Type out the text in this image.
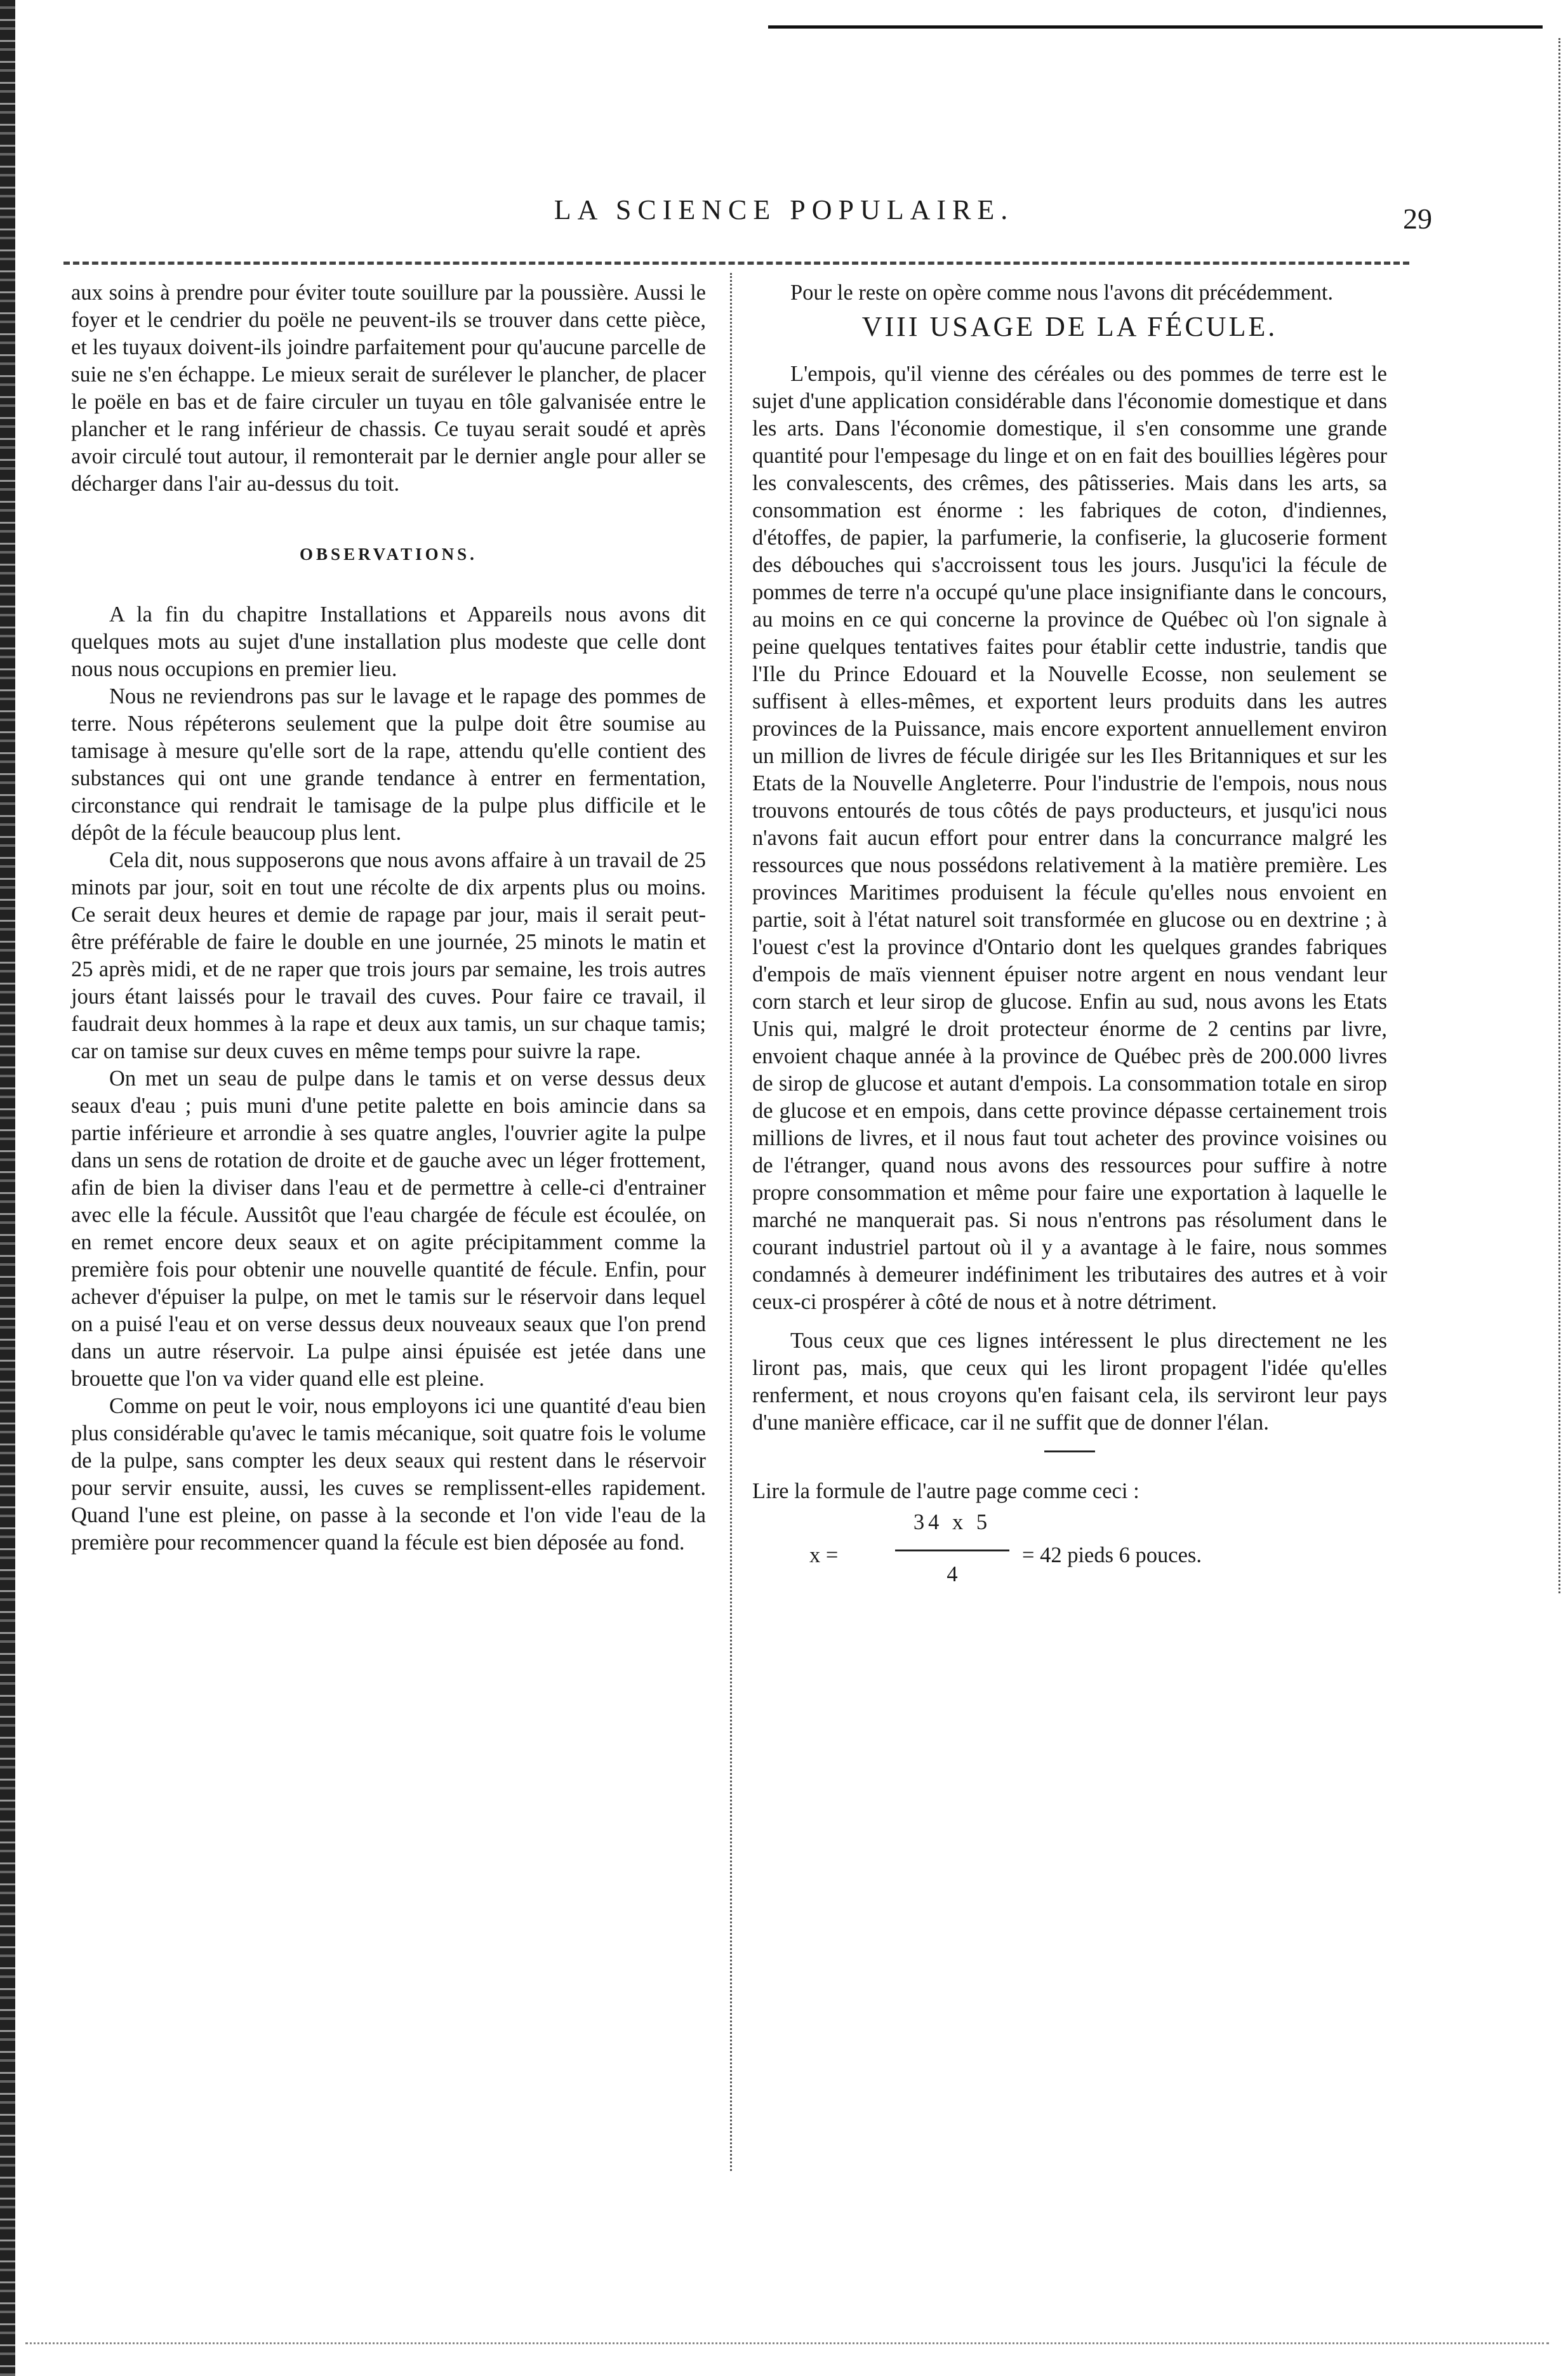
LA SCIENCE POPULAIRE.	29

aux soins à prendre pour éviter toute souillure par la poussière. Aussi le foyer et le cendrier du poële ne peuvent-ils se trouver dans cette pièce, et les tuyaux doivent-ils joindre parfaitement pour qu'aucune parcelle de suie ne s'en échappe. Le mieux serait de surélever le plancher, de placer le poële en bas et de faire circuler un tuyau en tôle galvanisée entre le plancher et le rang inférieur de chassis. Ce tuyau serait soudé et après avoir circulé tout autour, il remonterait par le dernier angle pour aller se décharger dans l'air au-dessus du toit.

OBSERVATIONS.

A la fin du chapitre Installations et Appareils nous avons dit quelques mots au sujet d'une installation plus modeste que celle dont nous nous occupions en premier lieu.

Nous ne reviendrons pas sur le lavage et le rapage des pommes de terre. Nous répéterons seulement que la pulpe doit être soumise au tamisage à mesure qu'elle sort de la rape, attendu qu'elle contient des substances qui ont une grande tendance à entrer en fermentation, circonstance qui rendrait le tamisage de la pulpe plus difficile et le dépôt de la fécule beaucoup plus lent.

Cela dit, nous supposerons que nous avons affaire à un travail de 25 minots par jour, soit en tout une récolte de dix arpents plus ou moins. Ce serait deux heures et demie de rapage par jour, mais il serait peut-être préférable de faire le double en une journée, 25 minots le matin et 25 après midi, et de ne raper que trois jours par semaine, les trois autres jours étant laissés pour le travail des cuves. Pour faire ce travail, il faudrait deux hommes à la rape et deux aux tamis, un sur chaque tamis; car on tamise sur deux cuves en même temps pour suivre la rape.

On met un seau de pulpe dans le tamis et on verse dessus deux seaux d'eau ; puis muni d'une petite palette en bois amincie dans sa partie inférieure et arrondie à ses quatre angles, l'ouvrier agite la pulpe dans un sens de rotation de droite et de gauche avec un léger frottement, afin de bien la diviser dans l'eau et de permettre à celle-ci d'entrainer avec elle la fécule. Aussitôt que l'eau chargée de fécule est écoulée, on en remet encore deux seaux et on agite précipitamment comme la première fois pour obtenir une nouvelle quantité de fécule. Enfin, pour achever d'épuiser la pulpe, on met le tamis sur le réservoir dans lequel on a puisé l'eau et on verse dessus deux nouveaux seaux que l'on prend dans un autre réservoir. La pulpe ainsi épuisée est jetée dans une brouette que l'on va vider quand elle est pleine.

Comme on peut le voir, nous employons ici une quantité d'eau bien plus considérable qu'avec le tamis mécanique, soit quatre fois le volume de la pulpe, sans compter les deux seaux qui restent dans le réservoir pour servir ensuite, aussi, les cuves se remplissent-elles rapidement. Quand l'une est pleine, on passe à la seconde et l'on vide l'eau de la première pour recommencer quand la fécule est bien déposée au fond.

Pour le reste on opère comme nous l'avons dit précédemment.

VIII USAGE DE LA FÉCULE.

L'empois, qu'il vienne des céréales ou des pommes de terre est le sujet d'une application considérable dans l'économie domestique et dans les arts. Dans l'économie domestique, il s'en consomme une grande quantité pour l'empesage du linge et on en fait des bouillies légères pour les convalescents, des crêmes, des pâtisseries. Mais dans les arts, sa consommation est énorme : les fabriques de coton, d'indiennes, d'étoffes, de papier, la parfumerie, la confiserie, la glucoserie forment des débouches qui s'accroissent tous les jours. Jusqu'ici la fécule de pommes de terre n'a occupé qu'une place insignifiante dans le concours, au moins en ce qui concerne la province de Québec où l'on signale à peine quelques tentatives faites pour établir cette industrie, tandis que l'Ile du Prince Edouard et la Nouvelle Ecosse, non seulement se suffisent à elles-mêmes, et exportent leurs produits dans les autres provinces de la Puissance, mais encore exportent annuellement environ un million de livres de fécule dirigée sur les Iles Britanniques et sur les Etats de la Nouvelle Angleterre. Pour l'industrie de l'empois, nous nous trouvons entourés de tous côtés de pays producteurs, et jusqu'ici nous n'avons fait aucun effort pour entrer dans la concurrance malgré les ressources que nous possédons relativement à la matière première. Les provinces Maritimes produisent la fécule qu'elles nous envoient en partie, soit à l'état naturel soit transformée en glucose ou en dextrine ; à l'ouest c'est la province d'Ontario dont les quelques grandes fabriques d'empois de maïs viennent épuiser notre argent en nous vendant leur corn starch et leur sirop de glucose. Enfin au sud, nous avons les Etats Unis qui, malgré le droit protecteur énorme de 2 centins par livre, envoient chaque année à la province de Québec près de 200.000 livres de sirop de glucose et autant d'empois. La consommation totale en sirop de glucose et en empois, dans cette province dépasse certainement trois millions de livres, et il nous faut tout acheter des province voisines ou de l'étranger, quand nous avons des ressources pour suffire à notre propre consommation et même pour faire une exportation à laquelle le marché ne manquerait pas. Si nous n'entrons pas résolument dans le courant industriel partout où il y a avantage à le faire, nous sommes condamnés à demeurer indéfiniment les tributaires des autres et à voir ceux-ci prospérer à côté de nous et à notre détriment.

Tous ceux que ces lignes intéressent le plus directement ne les liront pas, mais, que ceux qui les liront propagent l'idée qu'elles renferment, et nous croyons qu'en faisant cela, ils serviront leur pays d'une manière efficace, car il ne suffit que de donner l'élan.

Lire la formule de l'autre page comme ceci :

x =
34 x 5
4
= 42 pieds 6 pouces.
